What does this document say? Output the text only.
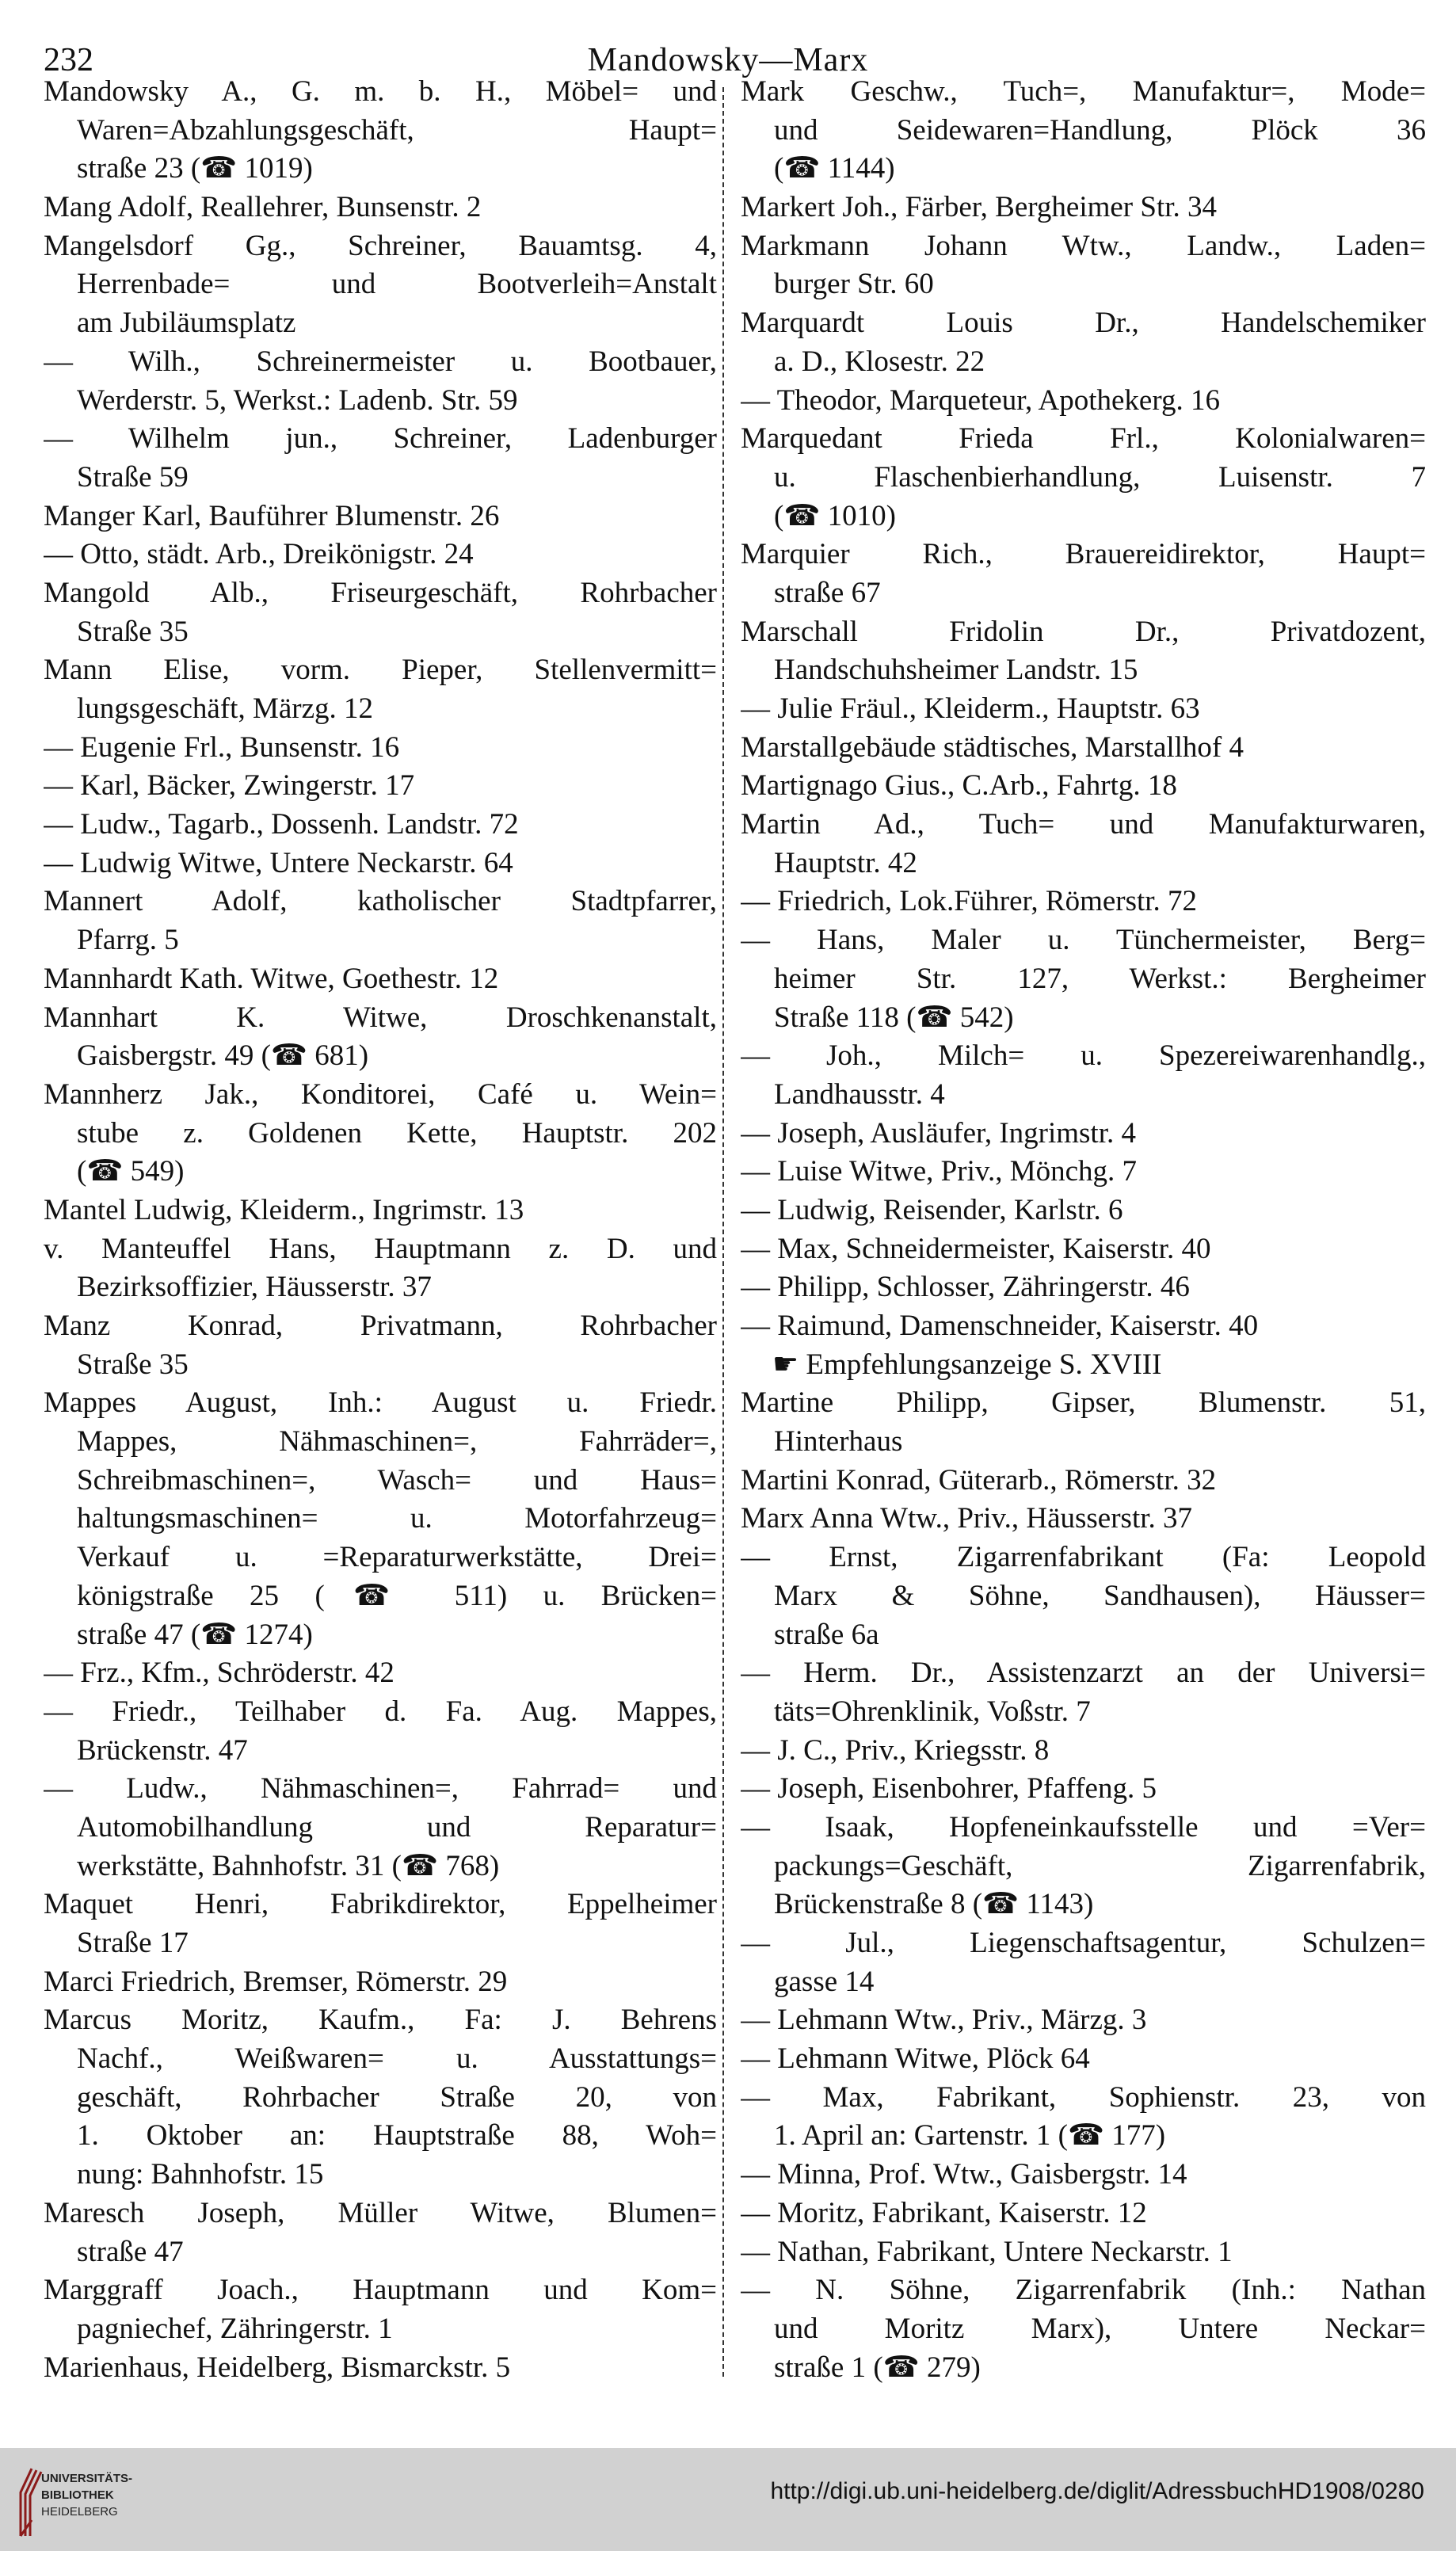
232	Mandowsky—Marx
Mandowsky A., G. m. b. H., Möbel= und
Waren=Abzahlungsgeschäft, Haupt=
straße 23 (☎ 1019)
Mang Adolf, Reallehrer, Bunsenstr. 2
Mangelsdorf Gg., Schreiner, Bauamtsg. 4,
Herrenbade= und Bootverleih=Anstalt
am Jubiläumsplatz
— Wilh., Schreinermeister u. Bootbauer,
Werderstr. 5, Werkst.: Ladenb. Str. 59
— Wilhelm jun., Schreiner, Ladenburger
Straße 59
Manger Karl, Bauführer Blumenstr. 26
— Otto, städt. Arb., Dreikönigstr. 24
Mangold Alb., Friseurgeschäft, Rohrbacher
Straße 35
Mann Elise, vorm. Pieper, Stellenvermitt=
lungsgeschäft, Märzg. 12
— Eugenie Frl., Bunsenstr. 16
— Karl, Bäcker, Zwingerstr. 17
— Ludw., Tagarb., Dossenh. Landstr. 72
— Ludwig Witwe, Untere Neckarstr. 64
Mannert Adolf, katholischer Stadtpfarrer,
Pfarrg. 5
Mannhardt Kath. Witwe, Goethestr. 12
Mannhart K. Witwe, Droschkenanstalt,
Gaisbergstr. 49 (☎ 681)
Mannherz Jak., Konditorei, Café u. Wein=
stube z. Goldenen Kette, Hauptstr. 202
(☎ 549)
Mantel Ludwig, Kleiderm., Ingrimstr. 13
v. Manteuffel Hans, Hauptmann z. D. und
Bezirksoffizier, Häusserstr. 37
Manz Konrad, Privatmann, Rohrbacher
Straße 35
Mappes August, Inh.: August u. Friedr.
Mappes, Nähmaschinen=, Fahrräder=,
Schreibmaschinen=, Wasch= und Haus=
haltungsmaschinen= u. Motorfahrzeug=
Verkauf u. =Reparaturwerkstätte, Drei=
königstraße 25 (☎ 511) u. Brücken=
straße 47 (☎ 1274)
— Frz., Kfm., Schröderstr. 42
— Friedr., Teilhaber d. Fa. Aug. Mappes,
Brückenstr. 47
— Ludw., Nähmaschinen=, Fahrrad= und
Automobilhandlung und Reparatur=
werkstätte, Bahnhofstr. 31 (☎ 768)
Maquet Henri, Fabrikdirektor, Eppelheimer
Straße 17
Marci Friedrich, Bremser, Römerstr. 29
Marcus Moritz, Kaufm., Fa: J. Behrens
Nachf., Weißwaren= u. Ausstattungs=
geschäft, Rohrbacher Straße 20, von
1. Oktober an: Hauptstraße 88, Woh=
nung: Bahnhofstr. 15
Maresch Joseph, Müller Witwe, Blumen=
straße 47
Marggraff Joach., Hauptmann und Kom=
pagniechef, Zähringerstr. 1
Marienhaus, Heidelberg, Bismarckstr. 5
Mark Geschw., Tuch=, Manufaktur=, Mode=
und Seidewaren=Handlung, Plöck 36
(☎ 1144)
Markert Joh., Färber, Bergheimer Str. 34
Markmann Johann Wtw., Landw., Laden=
burger Str. 60
Marquardt Louis Dr., Handelschemiker
a. D., Klosestr. 22
— Theodor, Marqueteur, Apothekerg. 16
Marquedant Frieda Frl., Kolonialwaren=
u. Flaschenbierhandlung, Luisenstr. 7
(☎ 1010)
Marquier Rich., Brauereidirektor, Haupt=
straße 67
Marschall Fridolin Dr., Privatdozent,
Handschuhsheimer Landstr. 15
— Julie Fräul., Kleiderm., Hauptstr. 63
Marstallgebäude städtisches, Marstallhof 4
Martignago Gius., C.Arb., Fahrtg. 18
Martin Ad., Tuch= und Manufakturwaren,
Hauptstr. 42
— Friedrich, Lok.Führer, Römerstr. 72
— Hans, Maler u. Tünchermeister, Berg=
heimer Str. 127, Werkst.: Bergheimer
Straße 118 (☎ 542)
— Joh., Milch= u. Spezereiwarenhandlg.,
Landhausstr. 4
— Joseph, Ausläufer, Ingrimstr. 4
— Luise Witwe, Priv., Mönchg. 7
— Ludwig, Reisender, Karlstr. 6
— Max, Schneidermeister, Kaiserstr. 40
— Philipp, Schlosser, Zähringerstr. 46
— Raimund, Damenschneider, Kaiserstr. 40
☛ Empfehlungsanzeige S. XVIII
Martine Philipp, Gipser, Blumenstr. 51,
Hinterhaus
Martini Konrad, Güterarb., Römerstr. 32
Marx Anna Wtw., Priv., Häusserstr. 37
— Ernst, Zigarrenfabrikant (Fa: Leopold
Marx & Söhne, Sandhausen), Häusser=
straße 6a
— Herm. Dr., Assistenzarzt an der Universi=
täts=Ohrenklinik, Voßstr. 7
— J. C., Priv., Kriegsstr. 8
— Joseph, Eisenbohrer, Pfaffeng. 5
— Isaak, Hopfeneinkaufsstelle und =Ver=
packungs=Geschäft, Zigarrenfabrik,
Brückenstraße 8 (☎ 1143)
— Jul., Liegenschaftsagentur, Schulzen=
gasse 14
— Lehmann Wtw., Priv., Märzg. 3
— Lehmann Witwe, Plöck 64
— Max, Fabrikant, Sophienstr. 23, von
1. April an: Gartenstr. 1 (☎ 177)
— Minna, Prof. Wtw., Gaisbergstr. 14
— Moritz, Fabrikant, Kaiserstr. 12
— Nathan, Fabrikant, Untere Neckarstr. 1
— N. Söhne, Zigarrenfabrik (Inh.: Nathan
und Moritz Marx), Untere Neckar=
straße 1 (☎ 279)
UNIVERSITÄTS-
BIBLIOTHEK
HEIDELBERG
http://digi.ub.uni-heidelberg.de/diglit/AdressbuchHD1908/0280
